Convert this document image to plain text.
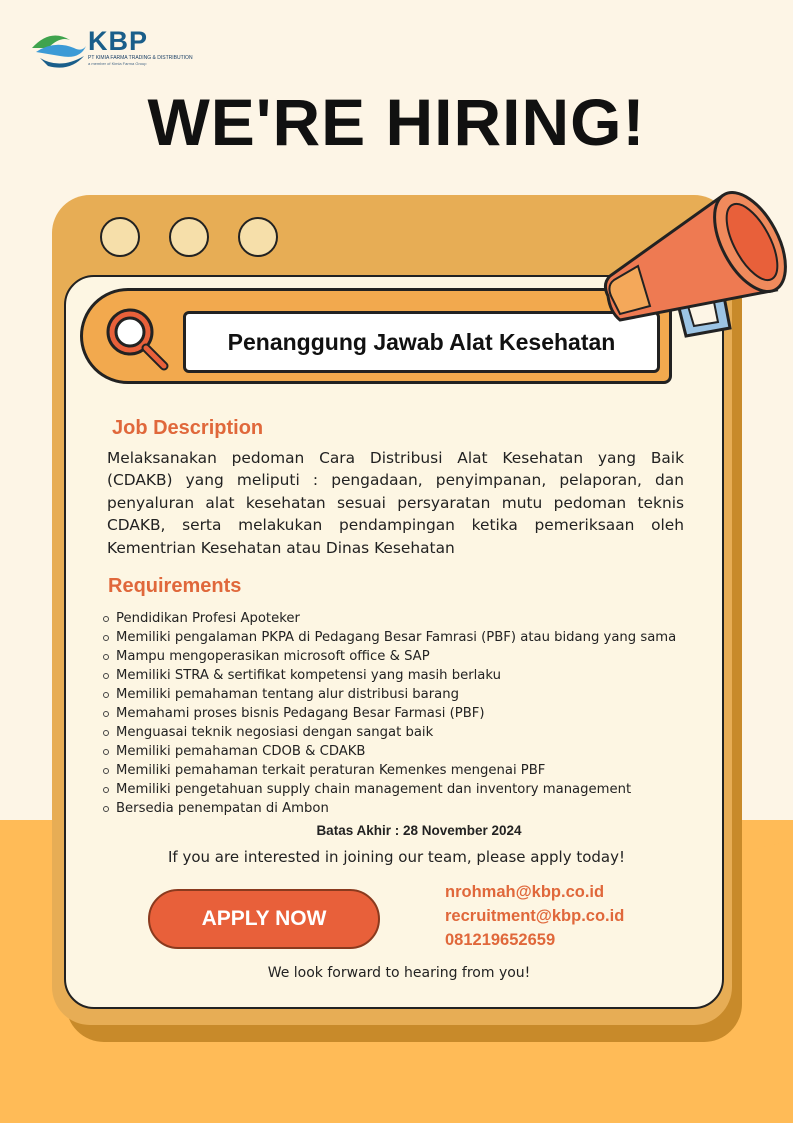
KBP
PT KIMIA FARMA TRADING & DISTRIBUTION
a member of Kimia Farma Group
WE'RE HIRING!
Penanggung Jawab Alat Kesehatan
Job Description
Melaksanakan pedoman Cara Distribusi Alat Kesehatan yang Baik (CDAKB) yang meliputi : pengadaan, penyimpanan, pelaporan, dan penyaluran alat kesehatan sesuai persyaratan mutu pedoman teknis CDAKB, serta melakukan pendampingan ketika pemeriksaan oleh Kementrian Kesehatan atau Dinas Kesehatan
Requirements
Pendidikan Profesi Apoteker
Memiliki pengalaman PKPA di Pedagang Besar Famrasi (PBF) atau bidang yang sama
Mampu mengoperasikan microsoft office & SAP
Memiliki STRA & sertifikat kompetensi yang masih berlaku
Memiliki pemahaman tentang alur distribusi barang
Memahami proses bisnis Pedagang Besar Farmasi (PBF)
Menguasai teknik negosiasi dengan sangat baik
Memiliki pemahaman CDOB & CDAKB
Memiliki pemahaman terkait peraturan Kemenkes mengenai PBF
Memiliki pengetahuan supply chain management dan inventory management
Bersedia penempatan di Ambon
Batas Akhir : 28 November 2024
If you are interested in joining our team, please apply today!
APPLY NOW
nrohmah@kbp.co.id
recruitment@kbp.co.id
081219652659
We look forward to hearing from you!
